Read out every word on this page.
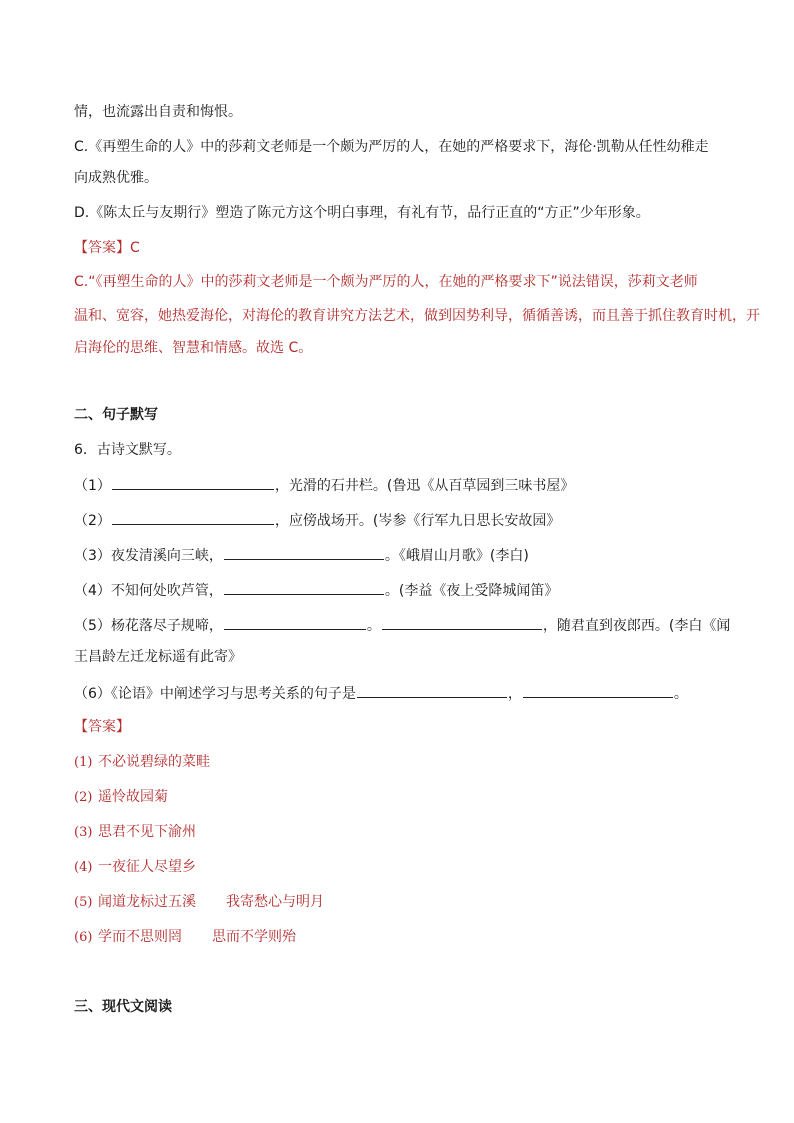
情，也流露出自责和悔恨。
C.《再塑生命的人》中的莎莉文老师是一个颇为严厉的人，在她的严格要求下，海伦·凯勒从任性幼稚走
向成熟优雅。
D.《陈太丘与友期行》塑造了陈元方这个明白事理，有礼有节，品行正直的“方正”少年形象。
【答案】C
C.“《再塑生命的人》中的莎莉文老师是一个颇为严厉的人，在她的严格要求下”说法错误，莎莉文老师
温和、宽容，她热爱海伦，对海伦的教育讲究方法艺术，做到因势利导，循循善诱，而且善于抓住教育时机，开
启海伦的思维、智慧和情感。故选 C。
二、句子默写
6．古诗文默写。
（1）	，光滑的石井栏。(鲁迅《从百草园到三味书屋》
（2）	，应傍战场开。(岑参《行军九日思长安故园》
（3）夜发清溪向三峡，	。《峨眉山月歌》(李白)
（4）不知何处吹芦管，	。(李益《夜上受降城闻笛》
（5）杨花落尽子规啼，	。	，随君直到夜郎西。(李白《闻
王昌龄左迁龙标遥有此寄》
（6）《论语》中阐述学习与思考关系的句子是	，	。
【答案】
(1) 不必说碧绿的菜畦
(2) 遥怜故园菊
(3) 思君不见下渝州
(4) 一夜征人尽望乡
(5) 闻道龙标过五溪 我寄愁心与明月
(6) 学而不思则罔 思而不学则殆
三、现代文阅读
